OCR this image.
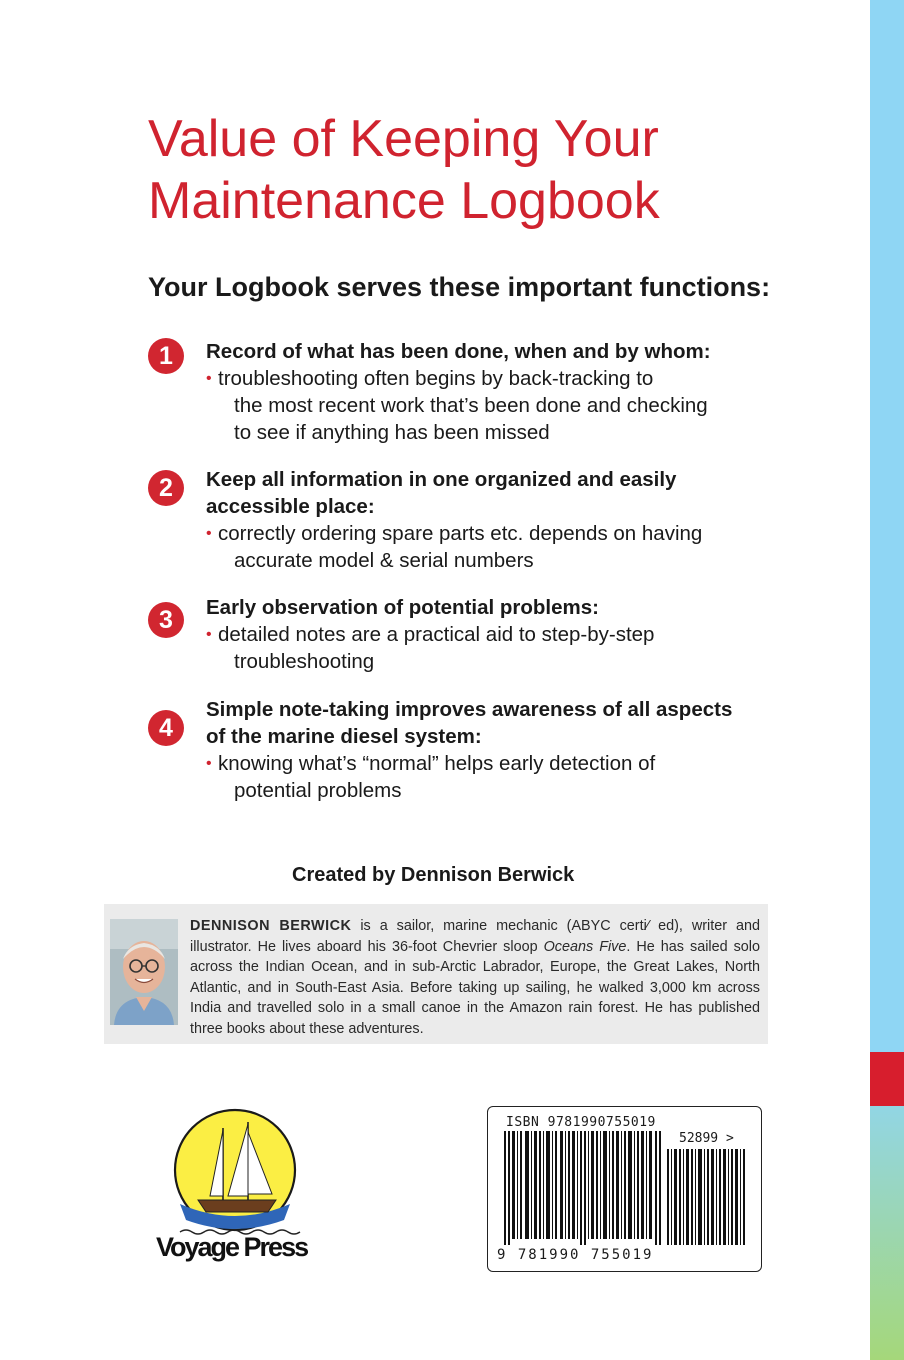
Value of Keeping Your
Maintenance Logbook
Your Logbook serves these important functions:
1	Record of what has been done, when and by whom:
• troubleshooting often begins by back-tracking to
the most recent work that’s been done and checking
to see if anything has been missed
2	Keep all information in one organized and easily
accessible place:
• correctly ordering spare parts etc. depends on having
accurate model & serial numbers
3	Early observation of potential problems:
• detailed notes are a practical aid to step-by-step
troubleshooting
4
Simple note-taking improves awareness of all aspects
of the marine diesel system:
• knowing what’s “normal” helps early detection of
potential problems
Created by Dennison Berwick
DENNISON BERWICK is a sailor, marine mechanic (ABYC certi⁄ ed), writer and illustrator. He lives aboard his 36-foot Chevrier sloop Oceans Five. He has sailed solo across the Indian Ocean, and in sub-Arctic Labrador, Europe, the Great Lakes, North Atlantic, and in South-East Asia. Before taking up sailing, he walked 3,000 km across India and travelled solo in a small canoe in the Amazon rain forest. He has published three books about these adventures.
Voyage Press
ISBN 9781990755019
52899 >
9 781990 755019
